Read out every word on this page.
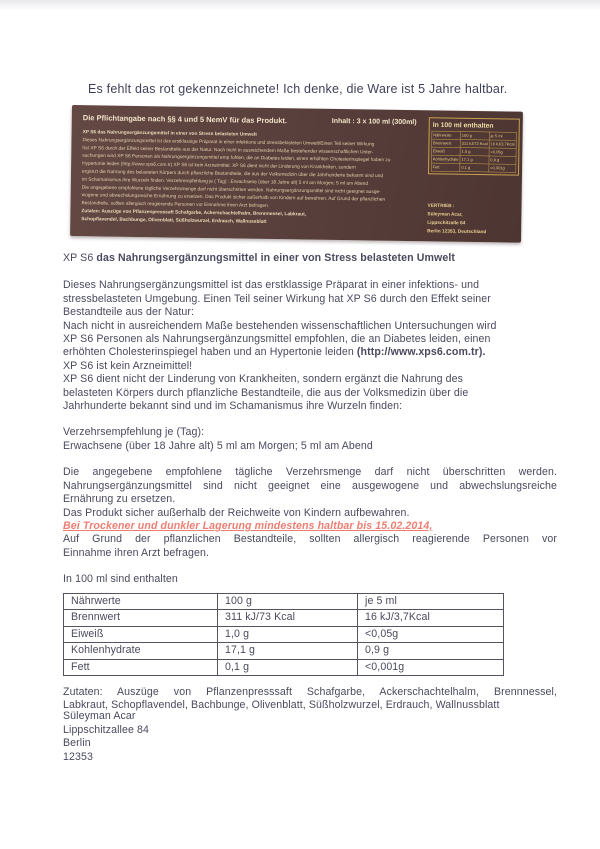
Es fehlt das rot gekennzeichnete! Ich denke, die Ware ist 5 Jahre haltbar.
Die Pflichtangabe nach §§ 4 und 5 NemV für das Produkt.	Inhalt : 3 x 100 ml (300ml)
XP S6 das Nahrungsergänzungsmittel in einer von Stress belasteten Umwelt
Dieses Nahrungsergänzungsmittel ist das erstklassige Präparat in einer infektions und stressbelasteten Umwelt/Einen Teil seiner Wirkung
hat XP S6 durch der Effekt seiner Bestandteile aus der Natur. Nach nicht in ausreichendem Maße bestehender wissenschaftlichen Unter-
suchungen wird XP S6 Personen als Nahrungsergänzungsmittel emp fohlen, die an Diabetes leiden, einen erhöhten Cholesterinspiegel haben zu
Hypertonie leiden (http://www.xps6.com.tr) XP S6 ist kein Arzneimittel. XP S6 dient nicht der Linderung von Krankheiten, sondern
ergänzt die Nahrung des belasteten Körpers durch pflanzliche Bestandteile, die aus der Volksmedizin über die Jahrhunderte bekannt sind und
im Schamanismus ihre Wurzeln finden. Verzehrempfehlung je ( Tag) : Erwachsene (über 18 Jahre alt) 5 ml am Morgen; 5 ml am Abend
Die angegebene empfohlene tägliche Verzehrsmenge darf nicht überschritten werden. Nahrungsergänzungsmittel sind nicht geeignet ausge-
wogene und abwechslungsreiche Ernährung zu ersetzen. Das Produkt sicher außerhalb von Kindern auf bewahren. Auf Grund der pflanzlichen
Bestandteile, sollten allergisch reagierende Personen vor Einnahme ihren Arzt befragen.
Zutaten: Auszüge von Pflanzenpresssaft Schafgarbe, Ackerschachtelhalm, Brennnessel, Labkraut,
Schopflavendel, Bachbunge, Olivenblatt, Süßholzwurzel, Erdrauch, Wallnussblatt
In 100 ml enthalten
Nährwerte	100 g	je 5 ml
Brennwert	311 kJ/73 Kcal	16 kJ/3,7Kcal
Eiweiß	1,0 g	<0,05g
Kohlenhydrate	17,1 g	0,9 g
Fett	0,1 g	<0,001g
VERTRIEB :
Süleyman Acar,
Lippschitzalle 84
Berlin 12353, Deutschland
XP S6 das Nahrungsergänzungsmittel in einer von Stress belasteten Umwelt
Dieses Nahrungsergänzungsmittel ist das erstklassige Präparat in einer infektions- und
stressbelasteten Umgebung. Einen Teil seiner Wirkung hat XP S6 durch den Effekt seiner
Bestandteile aus der Natur:
Nach nicht in ausreichendem Maße bestehenden wissenschaftlichen Untersuchungen wird
XP S6 Personen als Nahrungsergänzungsmittel empfohlen, die an Diabetes leiden, einen
erhöhten Cholesterinspiegel haben und an Hypertonie leiden (http://www.xps6.com.tr).
XP S6 ist kein Arzneimittel!
XP S6 dient nicht der Linderung von Krankheiten, sondern ergänzt die Nahrung des
belasteten Körpers durch pflanzliche Bestandteile, die aus der Volksmedizin über die
Jahrhunderte bekannt sind und im Schamanismus ihre Wurzeln finden:
Verzehrsempfehlung je (Tag):
Erwachsene (über 18 Jahre alt) 5 ml am Morgen; 5 ml am Abend
Die angegebene empfohlene tägliche Verzehrsmenge darf nicht überschritten werden.
Nahrungsergänzungsmittel sind nicht geeignet eine ausgewogene und abwechslungsreiche
Ernährung zu ersetzen.
Das Produkt sicher außerhalb der Reichweite von Kindern aufbewahren.
Bei Trockener und dunkler Lagerung mindestens haltbar bis 15.02.2014,
Auf Grund der pflanzlichen Bestandteile, sollten allergisch reagierende Personen vor
Einnahme ihren Arzt befragen.
In 100 ml sind enthalten
Nährwerte	100 g	je 5 ml
Brennwert	311 kJ/73 Kcal	16 kJ/3,7Kcal
Eiweiß	1,0 g	<0,05g
Kohlenhydrate	17,1 g	0,9 g
Fett	0,1 g	<0,001g
Zutaten: Auszüge von Pflanzenpresssaft Schafgarbe, Ackerschachtelhalm, Brennnessel,
Labkraut, Schopflavendel, Bachbunge, Olivenblatt, Süßholzwurzel, Erdrauch, Wallnussblatt
Süleyman Acar
Lippschitzallee 84
Berlin
12353
